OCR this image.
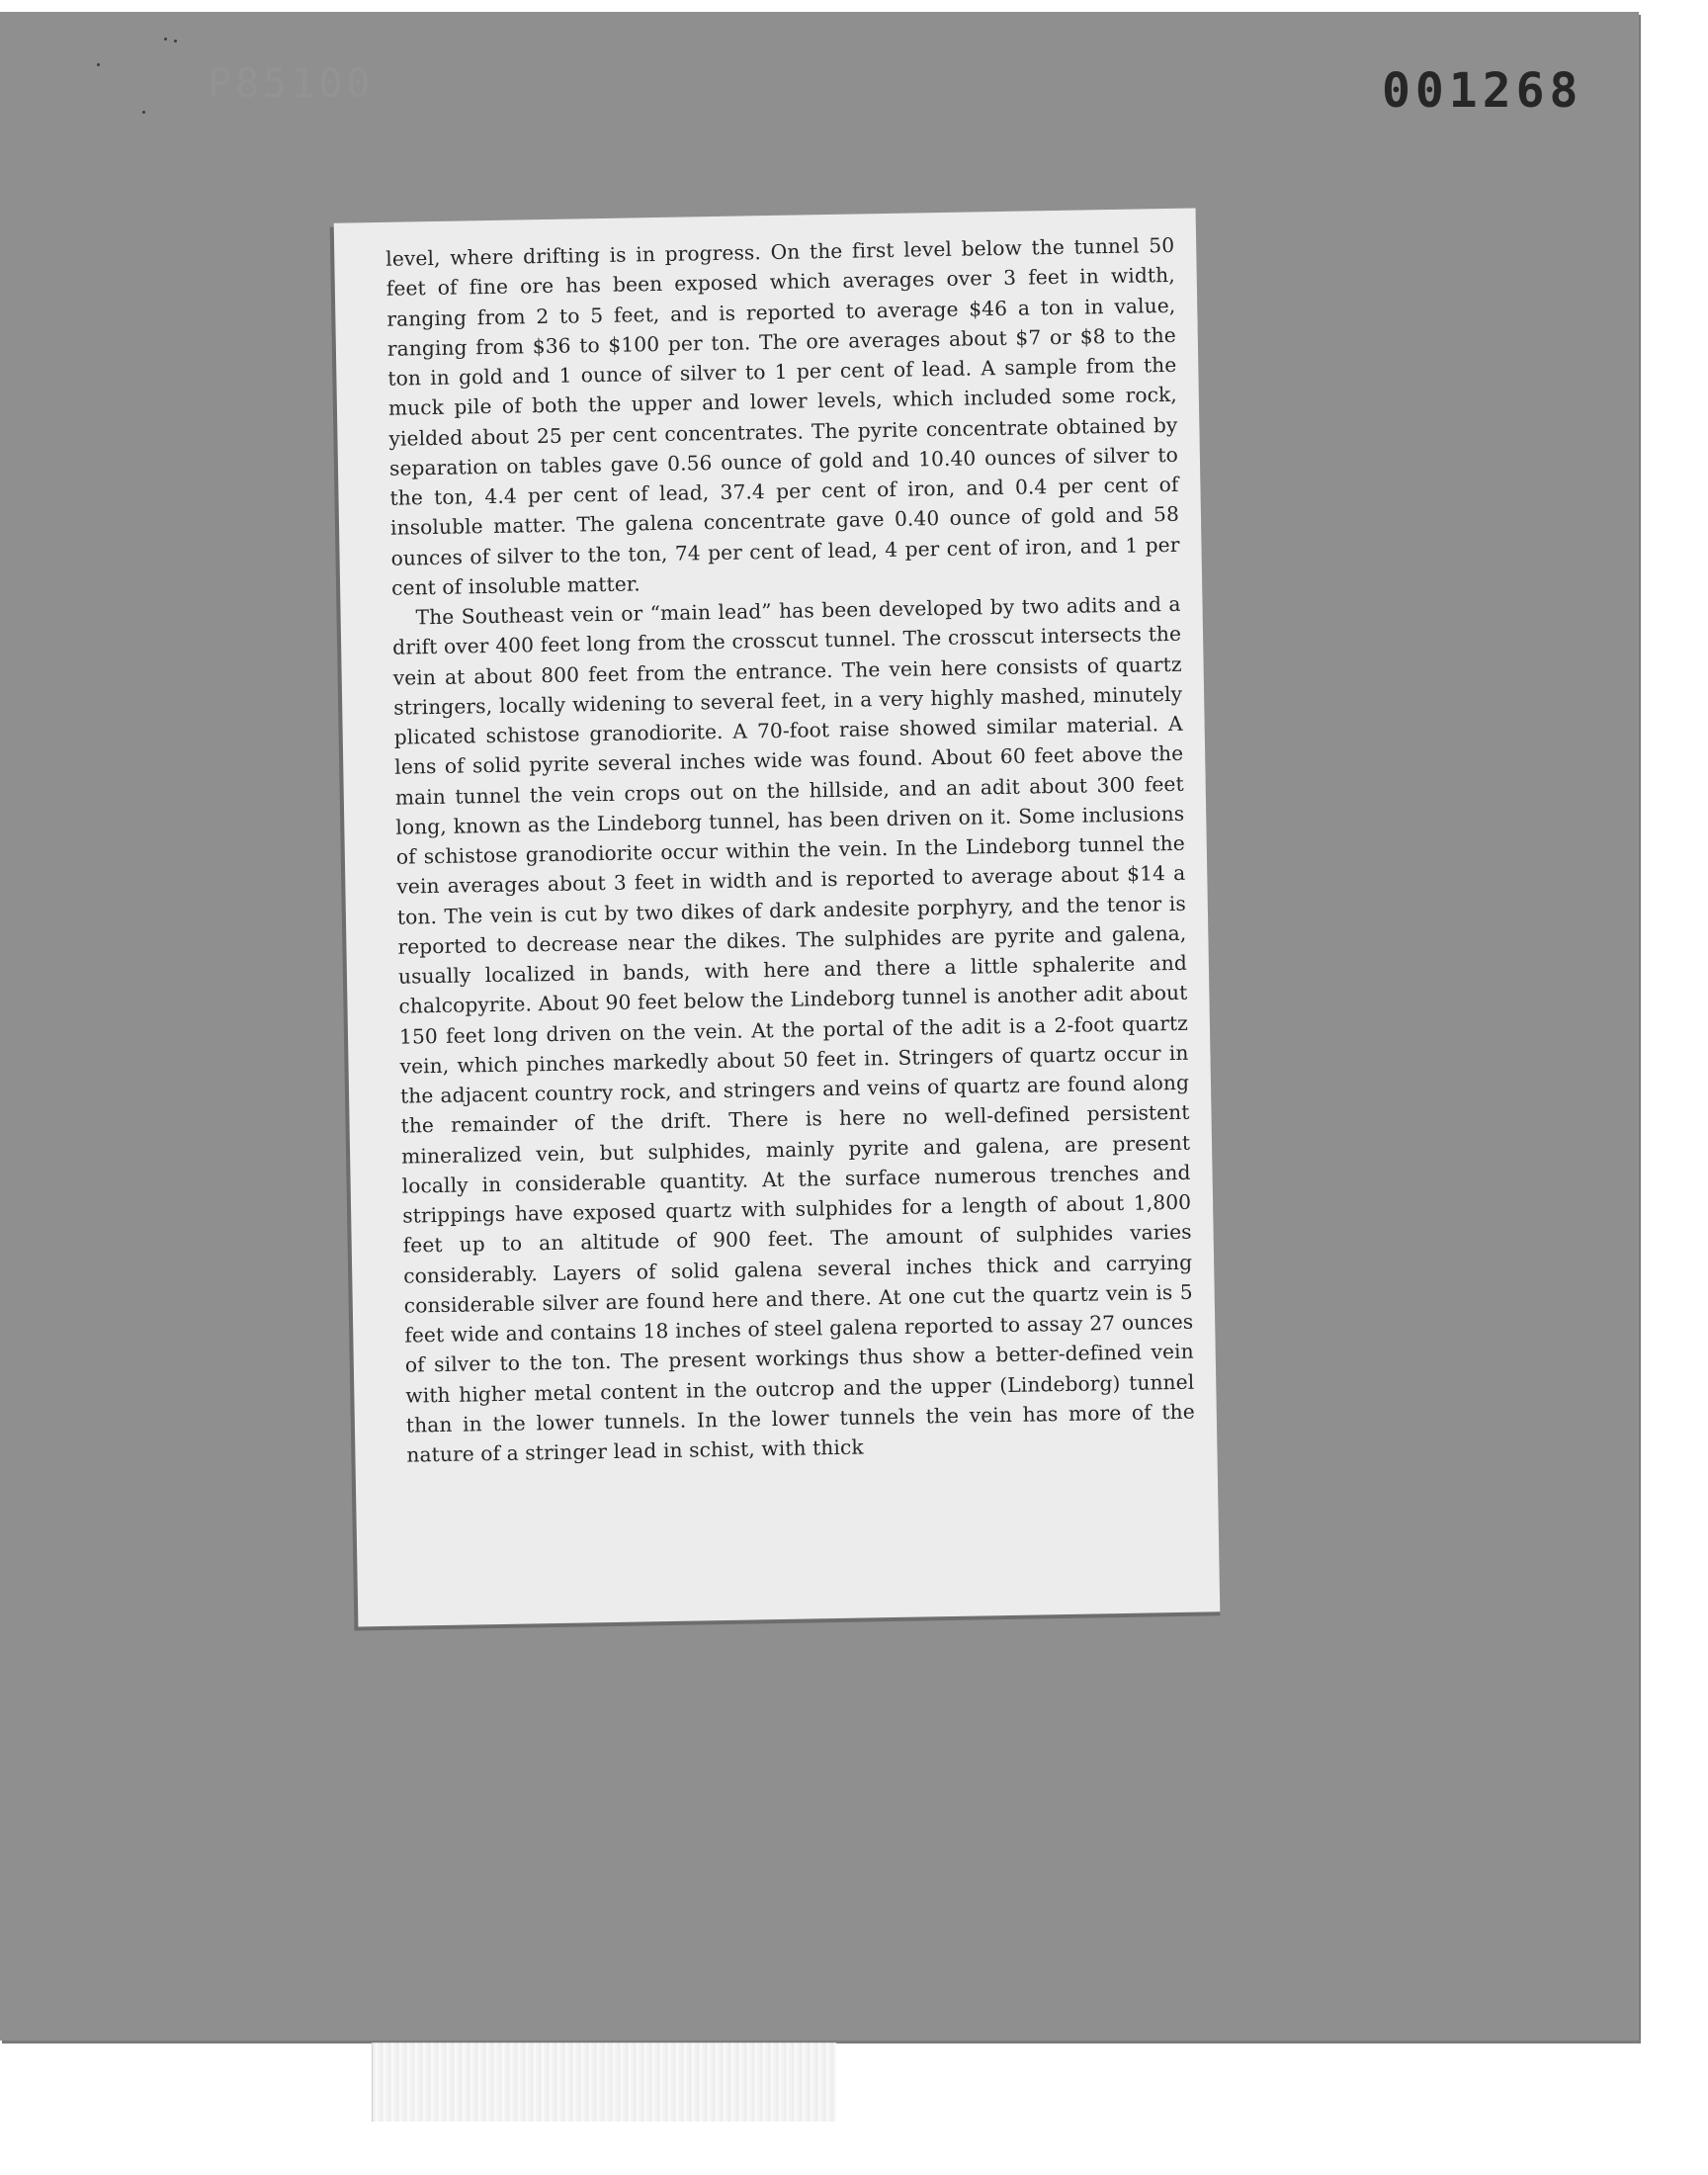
P85100	001268

level, where drifting is in progress. On the first level below the tunnel 50 feet of fine ore has been exposed which averages over 3 feet in width, ranging from 2 to 5 feet, and is reported to average $46 a ton in value, ranging from $36 to $100 per ton. The ore averages about $7 or $8 to the ton in gold and 1 ounce of silver to 1 per cent of lead. A sample from the muck pile of both the upper and lower levels, which included some rock, yielded about 25 per cent concentrates. The pyrite concentrate obtained by separation on tables gave 0.56 ounce of gold and 10.40 ounces of silver to the ton, 4.4 per cent of lead, 37.4 per cent of iron, and 0.4 per cent of insoluble matter. The galena concentrate gave 0.40 ounce of gold and 58 ounces of silver to the ton, 74 per cent of lead, 4 per cent of iron, and 1 per cent of insoluble matter.

The Southeast vein or “main lead” has been developed by two adits and a drift over 400 feet long from the crosscut tunnel. The crosscut intersects the vein at about 800 feet from the entrance. The vein here consists of quartz stringers, locally widening to several feet, in a very highly mashed, minutely plicated schistose granodiorite. A 70-foot raise showed similar material. A lens of solid pyrite several inches wide was found. About 60 feet above the main tunnel the vein crops out on the hillside, and an adit about 300 feet long, known as the Lindeborg tunnel, has been driven on it. Some inclusions of schistose granodiorite occur within the vein. In the Lindeborg tunnel the vein averages about 3 feet in width and is reported to average about $14 a ton. The vein is cut by two dikes of dark andesite porphyry, and the tenor is reported to decrease near the dikes. The sulphides are pyrite and galena, usually localized in bands, with here and there a little sphalerite and chalcopyrite. About 90 feet below the Lindeborg tunnel is another adit about 150 feet long driven on the vein. At the portal of the adit is a 2-foot quartz vein, which pinches markedly about 50 feet in. Stringers of quartz occur in the adjacent country rock, and stringers and veins of quartz are found along the remainder of the drift. There is here no well-defined persistent mineralized vein, but sulphides, mainly pyrite and galena, are present locally in considerable quantity. At the surface numerous trenches and strippings have exposed quartz with sulphides for a length of about 1,800 feet up to an altitude of 900 feet. The amount of sulphides varies considerably. Layers of solid galena several inches thick and carrying considerable silver are found here and there. At one cut the quartz vein is 5 feet wide and contains 18 inches of steel galena reported to assay 27 ounces of silver to the ton. The present workings thus show a better-defined vein with higher metal content in the outcrop and the upper (Lindeborg) tunnel than in the lower tunnels. In the lower tunnels the vein has more of the nature of a stringer lead in schist, with thick
